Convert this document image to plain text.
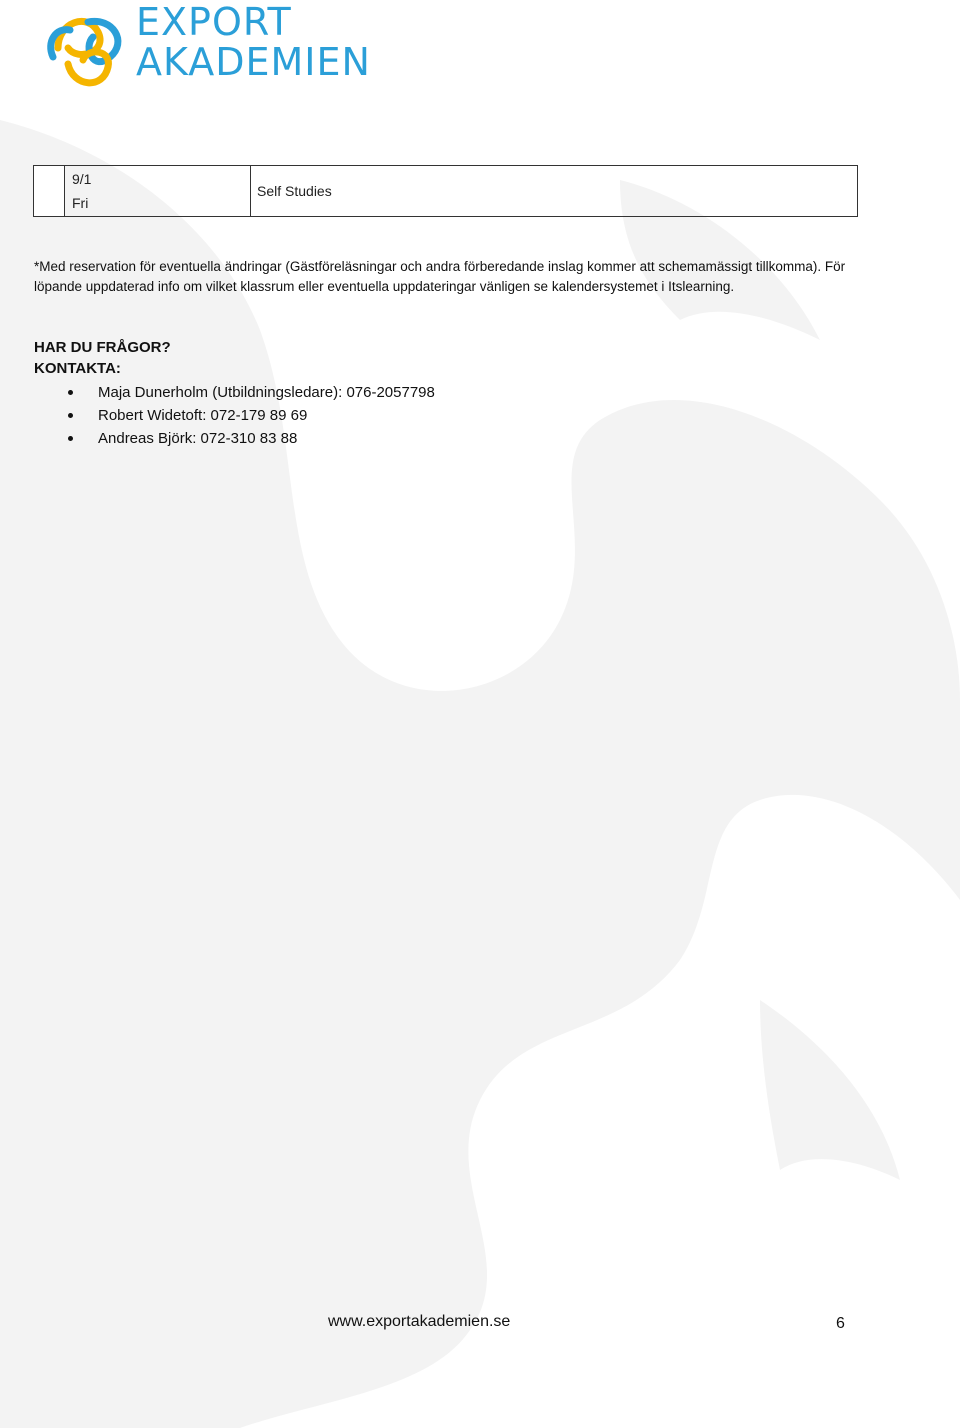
EXPORT
AKADEMIEN

9/1
Fri
	Self Studies

*Med reservation för eventuella ändringar (Gästföreläsningar och andra förberedande inslag kommer att schemamässigt tillkomma). För löpande uppdaterad info om vilket klassrum eller eventuella uppdateringar vänligen se kalendersystemet i Itslearning.

HAR DU FRÅGOR?

KONTAKTA:

Maja Dunerholm (Utbildningsledare): 076-2057798
Robert Widetoft: 072-179 89 69
Andreas Björk: 072-310 83 88
www.exportakademien.se	6
